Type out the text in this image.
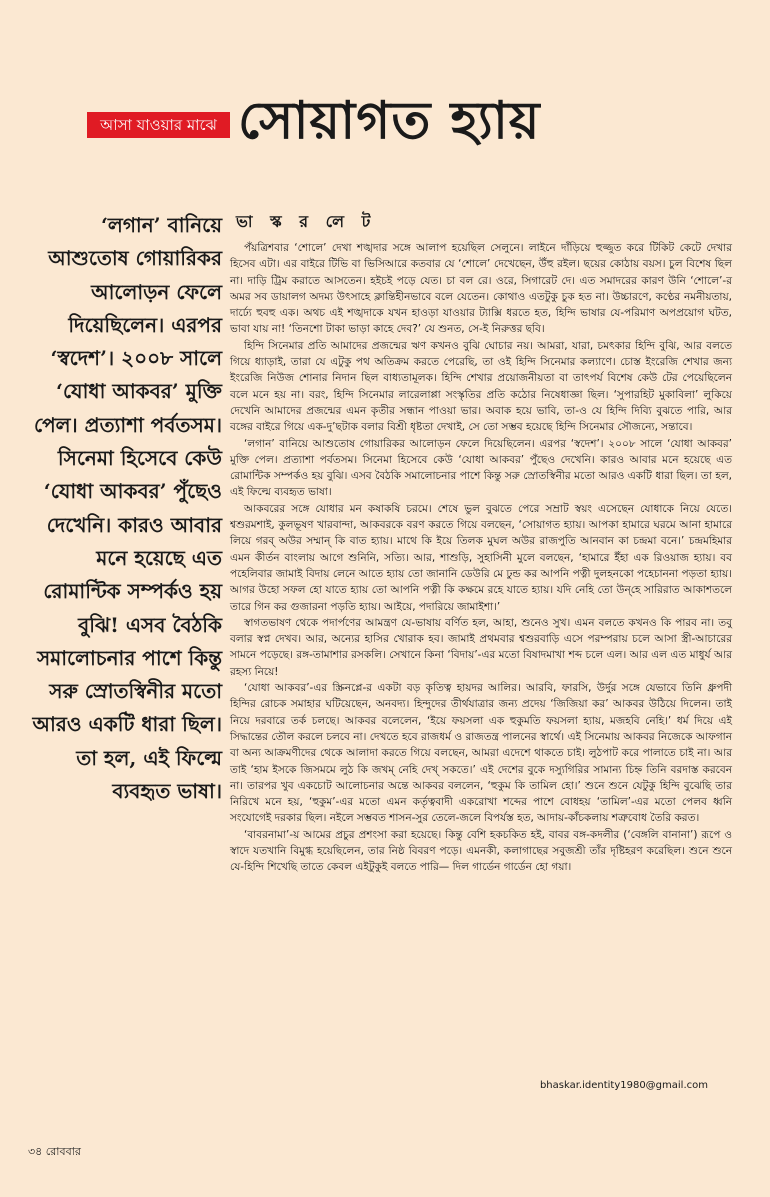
আসা যাওয়ার মাঝে সোয়াগত হ্যায়
‘লগান’ বানিয়ে আশুতোষ গোয়ারিকর আলোড়ন ফেলে দিয়েছিলেন। এরপর ‘স্বদেশ’। ২০০৮ সালে ‘যোধা আকবর’ মুক্তি পেল। প্রত্যাশা পর্বতসম। সিনেমা হিসেবে কেউ ‘যোধা আকবর’ পুঁছেও দেখেনি। কারও আবার মনে হয়েছে এত রোমান্টিক সম্পর্কও হয় বুঝি! এসব বৈঠকি সমালোচনার পাশে কিন্তু সরু স্রোতস্বিনীর মতো আরও একটি ধারা ছিল। তা হল, এই ফিল্মে ব্যবহৃত ভাষা।
ভা স্ক র লে ট

পঁয়ত্রিশবার ‘শোলে’ দেখা শঙ্খদার সঙ্গে আলাপ হয়েছিল সেলুনে। লাইনে দাঁড়িয়ে হুজ্জুত করে টিকিট কেটে দেখার হিসেব এটা। এর বাইরে টিভি বা ভিসিআরে কতবার যে ‘শোলে’ দেখেছেন, উঁহু রইল। ছয়ের কোঠায় বয়স। চুল বিশেষ ছিল না। দাড়ি ট্রিম করাতে আসতেন। হইচই পড়ে যেত। চা বল রে। ওরে, সিগারেট দে। এত সমাদরের কারণ উনি ‘শোলে’-র অমর সব ডায়ালগ অদম্য উৎসাহে ক্লান্তিহীনভাবে বলে যেতেন। কোথাও এতটুকু চুক হত না। উচ্চারণে, কণ্ঠের নমনীয়তায়, দার্ঢ্যে হুবহু এক। অথচ এই শঙ্খদাকে যখন হাওড়া যাওয়ার ট্যাক্সি ধরতে হত, হিন্দি ভাষার যে-পরিমাণ অপপ্রয়োগ ঘটত, ভাবা যায় না! ‘তিনশো টাকা ভাড়া কাহে দেব?’ যে শুনত, সে-ই নিরুত্তর ছবি।

হিন্দি সিনেমার প্রতি আমাদের প্রজন্মের ঋণ কখনও বুঝি ঘোচার নয়। আমরা, যারা, চমৎকার হিন্দি বুঝি, আর বলতে গিয়ে ধ্যাড়াই, তারা যে এটুকু পথ অতিক্রম করতে পেরেছি, তা ওই হিন্দি সিনেমার কল্যাণে। চোস্ত ইংরেজি শেখার জন্য ইংরেজি নিউজ শোনার নিদান ছিল বাধ্যতামূলক। হিন্দি শেখার প্রয়োজনীয়তা বা তাৎপর্য বিশেষ কেউ টের পেয়েছিলেন বলে মনে হয় না। বরং, হিন্দি সিনেমার লারেলাপ্পা সংস্কৃতির প্রতি কঠোর নিষেধাজ্ঞা ছিল। ‘সুপারহিট মুকাবিলা’ লুকিয়ে দেখেনি আমাদের প্রজন্মের এমন কৃতীর সন্ধান পাওয়া ভার। অবাক হয়ে ভাবি, তা-ও যে হিন্দি দিব্যি বুঝতে পারি, আর বঙ্গের বাইরে গিয়ে এক-দু’ছটাক বলার বিশ্রী ধৃষ্টতা দেখাই, সে তো সম্ভব হয়েছে হিন্দি সিনেমার সৌজন্যে, সন্তাবে।

‘লগান’ বানিয়ে আশুতোষ গোয়ারিকর আলোড়ন ফেলে দিয়েছিলেন। এরপর ‘স্বদেশ’। ২০০৮ সালে ‘যোধা আকবর’ মুক্তি পেল। প্রত্যাশা পর্বতসম। সিনেমা হিসেবে কেউ ‘যোধা আকবর’ পুঁছেও দেখেনি। কারও আবার মনে হয়েছে এত রোমান্টিক সম্পর্কও হয় বুঝি। এসব বৈঠকি সমালোচনার পাশে কিন্তু সরু স্রোতস্বিনীর মতো আরও একটি ধারা ছিল। তা হল, এই ফিল্মে ব্যবহৃত ভাষা।

আকবরের সঙ্গে যোধার মন কষাকষি চরমে। শেষে ভুল বুঝতে পেরে সম্রাট স্বয়ং এসেছেন যোধাকে নিয়ে যেতে। শ্বশুরমশাই, কুলভূষণ খারবান্দা, আকবরকে বরণ করতে গিয়ে বলছেন, ‘সোয়াগত হ্যায়। আপকা হামারে ঘরমে আনা হামারে লিয়ে গরব্ অউর সম্মান্ কি বাত হ্যায়। মাথে কি ইয়ে তিলক মুঘল অউর রাজপুতি আনবান কা চন্দ্রমা বনে।’ চন্দ্রমহিমার এমন কীর্তন বাংলায় আগে শুনিনি, সত্যি। আর, শাশুড়ি, সুহাসিনী মুলে বলছেন, ‘হামারে ইঁহা এক রিওয়াজ হ্যায়। বব পহেলিবার জামাই বিদায় লেনে আতে হ্যায় তো জানানি ডেউরি মে ঢুন্ড কর আপনি পত্নী দুলহনকো পহেচাননা পড়তা হ্যায়। আগর উহো সফল হো যাতে হ্যায় তো আপনি পত্নী কি কক্ষমে রহে যাতে হ্যায়। যদি নেহি তো উন্‌হে সারিরাত আকাশতলে তারে গিন কর গুজারনা পড়তি হ্যায়। আইয়ে, পদারিয়ে জামাইশা।’

স্বাগতভাষণ থেকে পদার্পণের আমন্ত্রণ যে-ভাষায় বর্ণিত হল, আহা, শুনেও সুখ। এমন বলতে কখনও কি পারব না। তবু বলার স্বপ্ন দেখব। আর, অন্যের হাসির খোরাক হব। জামাই প্রথমবার শ্বশুরবাড়ি এসে পরম্পরায় চলে আসা স্ত্রী-আচারের সামনে পড়েছে। রঙ্গ-তামাশার রসকলি। সেখানে কিনা ‘বিদায়’-এর মতো বিষাদমাখা শব্দ চলে এল। আর এল এত মাধুর্য আর রহস্য নিয়ে!

‘যোধা আকবর’-এর স্ক্রিনপ্লে-র একটা বড় কৃতিত্ব হায়দর আলির। আরবি, ফারসি, উর্দুর সঙ্গে যেভাবে তিনি ধ্রুপদী হিন্দির রোচক সমাহার ঘটিয়েছেন, অনবদ্য। হিন্দুদের তীর্থযাত্রার জন্য প্রদেয় ‘জিজিয়া কর’ আকবর উঠিয়ে দিলেন। তাই নিয়ে দরবারে তর্ক চলছে। আকবর বলেলেন, ‘ইয়ে ফয়সলা এক হুকুমতি ফয়সলা হ্যায়, মজহবি নেহি।’ ধর্ম দিয়ে এই সিদ্ধান্তের তৌল করলে চলবে না। দেখতে হবে রাজধর্ম ও রাজতন্ত্র পালনের স্বার্থে। এই সিনেমায় আকবর নিজেকে আফগান বা অন্য আক্রমণীদের থেকে আলাদা করতে গিয়ে বলছেন, আমরা এদেশে থাকতে চাই। লুঠপাট করে পালাতে চাই না। আর তাই ‘হাম ইসকে জিসমমে লুঠ কি জখম্ নেহি দেখ্ সকতে।’ এই দেশের বুকে দস্যুগিরির সামান্য চিহ্ন তিনি বরদাস্ত করবেন না। তারপর খুব একচোট আলোচনার অন্তে আকবর বললেন, ‘হুকুম কি তামিল হো।’ শুনে শুনে যেটুকু হিন্দি বুঝেছি তার নিরিখে মনে হয়, ‘হুকুম’-এর মতো এমন কর্তৃত্ববাদী একরোখা শব্দের পাশে বোধহয় ‘তামিল’-এর মতো পেলব ধ্বনি সংযোগেই দরকার ছিল। নইলে সম্ভবত শাসন-সুর তেলে-জলে বিপর্যস্ত হত, আদায়-কাঁচকলায় শত্রুবোধ তৈরি করত।

‘বাবরনামা’-য় আমের প্রচুর প্রশংসা করা হয়েছে। কিন্তু বেশি হকচকিত হই, বাবর বঙ্গ-কদলীর (‘বেঙ্গলি বানানা’) রূপে ও স্বাদে যতখানি বিমুগ্ধ হয়েছিলেন, তার নিষ্ঠ বিবরণ পড়ে। এমনকী, কলাগাছের সবুজশ্রী তাঁর দৃষ্টিহরণ করেছিল। শুনে শুনে যে-হিন্দি শিখেছি তাতে কেবল এইটুকুই বলতে পারি— দিল গার্ডেন গার্ডেন হো গয়া।

bhaskar.identity1980@gmail.com
৩৪ রোববার
